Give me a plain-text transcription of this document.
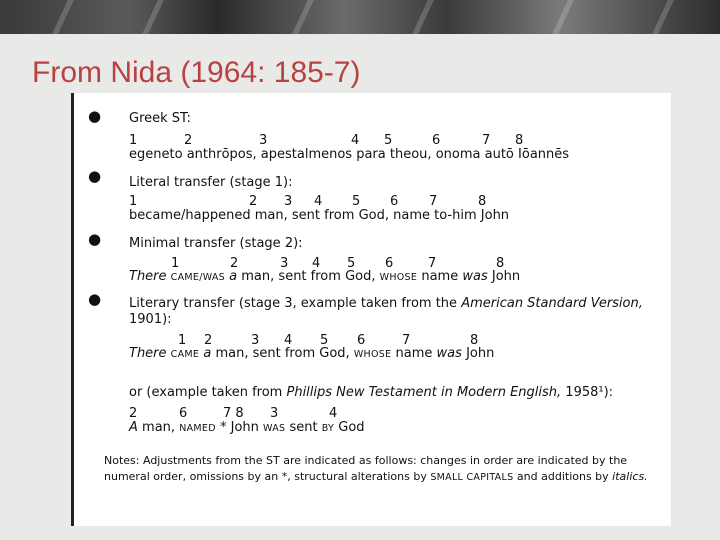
From Nida (1964: 185-7)
● Greek ST:
1	2	3	4 5	6	7 8
egeneto anthrōpos, apestalmenos para theou, onoma autō Iōannēs
● Literal transfer (stage 1):
1	2 3 4 5 6 7	8
became/happened man, sent from God, name to-him John
● Minimal transfer (stage 2):
1	2	3 4 5 6	7	8
There CAME/WAS a man, sent from God, WHOSE name was John
● Literary transfer (stage 3, example taken from the American Standard Version,
1901):
1 2	3 4 5 6	7	8
There CAME a man, sent from God, WHOSE name was John
or (example taken from Phillips New Testament in Modern English, 1958¹):
2	6	7 8 3	4
A man, NAMED * John WAS sent BY God
Notes: Adjustments from the ST are indicated as follows: changes in order are indicated by the numeral order, omissions by an *, structural alterations by SMALL CAPITALS and additions by italics.
